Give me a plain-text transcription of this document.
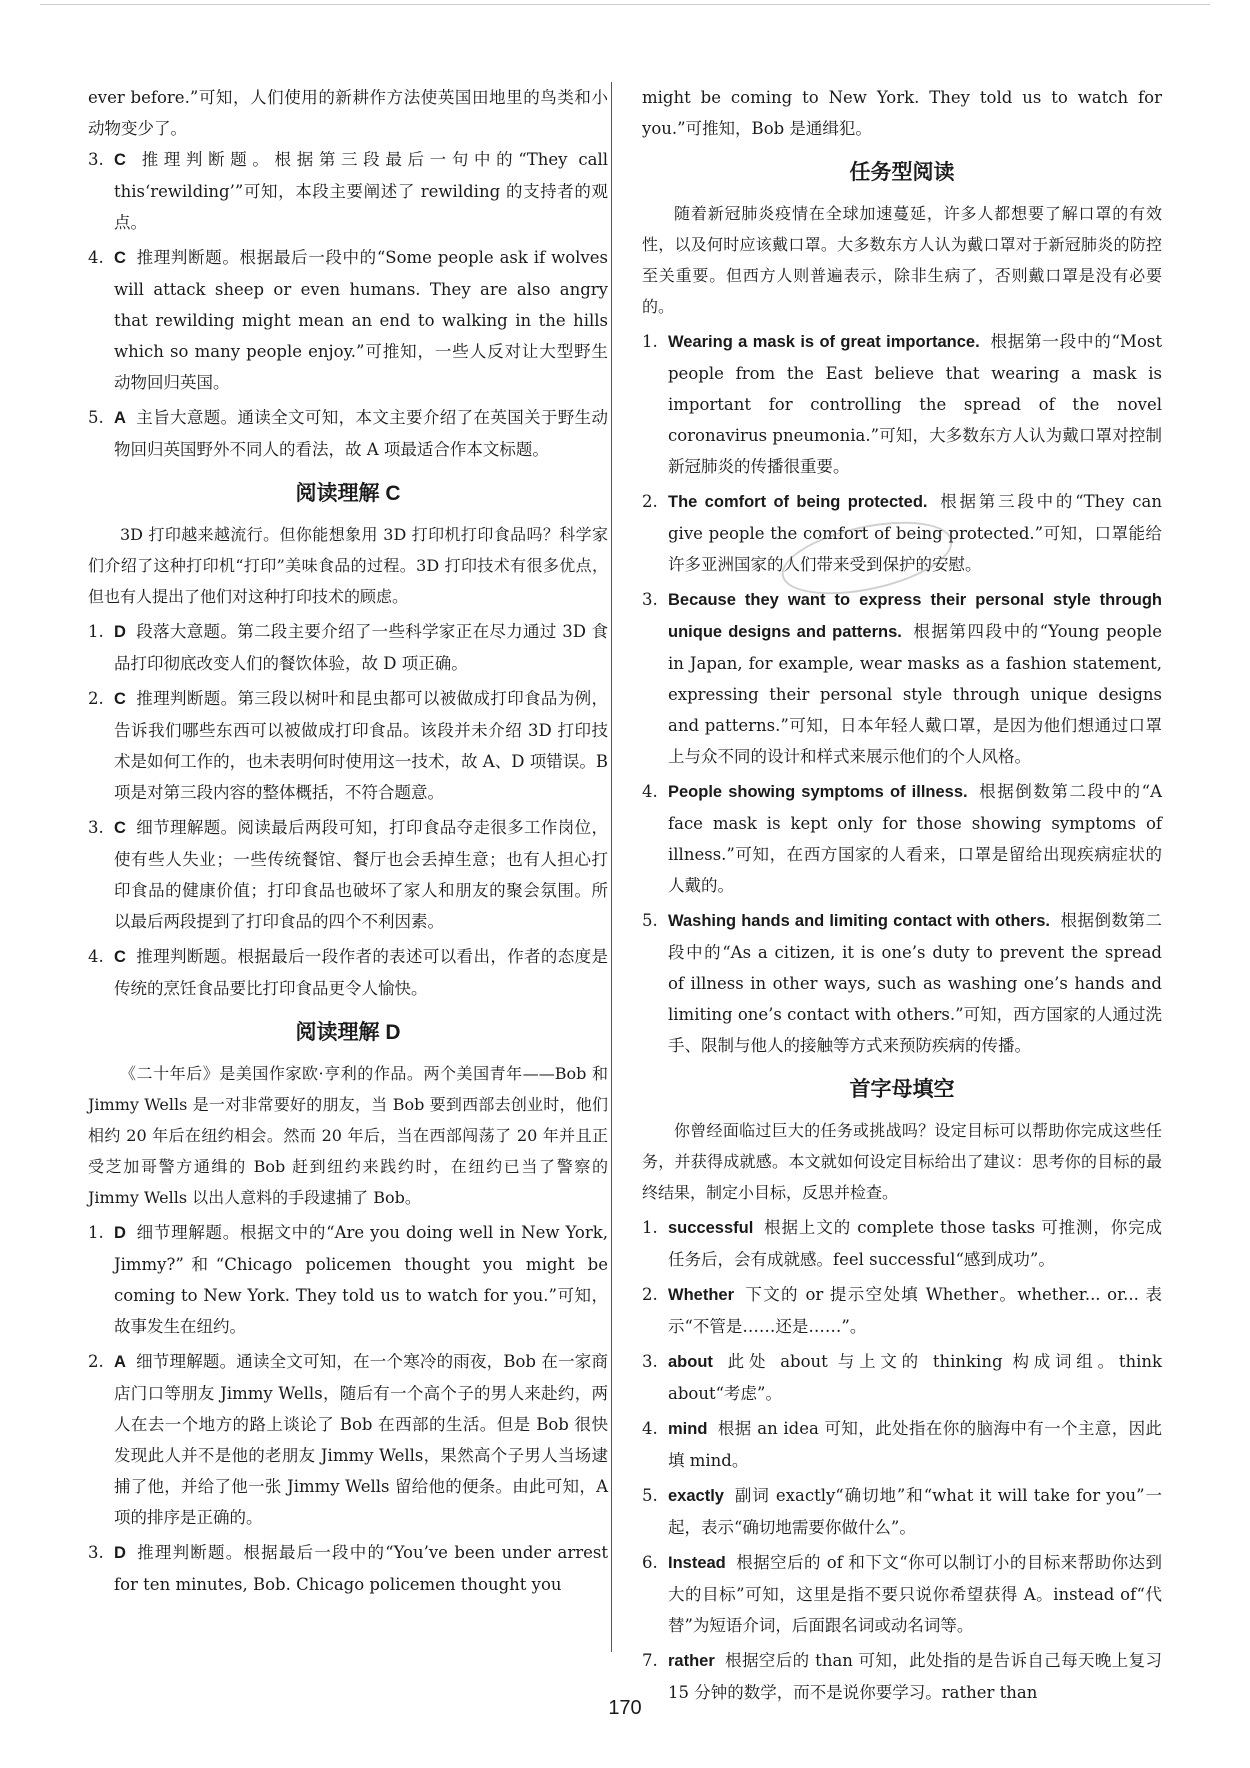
ever before.”可知，人们使用的新耕作方法使英国田地里的鸟类和小动物变少了。

3. C 推理判断题。根据第三段最后一句中的“They call this‘rewilding’”可知，本段主要阐述了 rewilding 的支持者的观点。

4. C 推理判断题。根据最后一段中的“Some people ask if wolves will attack sheep or even humans. They are also angry that rewilding might mean an end to walking in the hills which so many people enjoy.”可推知，一些人反对让大型野生动物回归英国。

5. A 主旨大意题。通读全文可知，本文主要介绍了在英国关于野生动物回归英国野外不同人的看法，故 A 项最适合作本文标题。

阅读理解 C

3D 打印越来越流行。但你能想象用 3D 打印机打印食品吗？科学家们介绍了这种打印机“打印”美味食品的过程。3D 打印技术有很多优点，但也有人提出了他们对这种打印技术的顾虑。

1. D 段落大意题。第二段主要介绍了一些科学家正在尽力通过 3D 食品打印彻底改变人们的餐饮体验，故 D 项正确。

2. C 推理判断题。第三段以树叶和昆虫都可以被做成打印食品为例，告诉我们哪些东西可以被做成打印食品。该段并未介绍 3D 打印技术是如何工作的，也未表明何时使用这一技术，故 A、D 项错误。B 项是对第三段内容的整体概括，不符合题意。

3. C 细节理解题。阅读最后两段可知，打印食品夺走很多工作岗位，使有些人失业；一些传统餐馆、餐厅也会丢掉生意；也有人担心打印食品的健康价值；打印食品也破坏了家人和朋友的聚会氛围。所以最后两段提到了打印食品的四个不利因素。

4. C 推理判断题。根据最后一段作者的表述可以看出，作者的态度是传统的烹饪食品要比打印食品更令人愉快。

阅读理解 D

《二十年后》是美国作家欧·亨利的作品。两个美国青年——Bob 和 Jimmy Wells 是一对非常要好的朋友，当 Bob 要到西部去创业时，他们相约 20 年后在纽约相会。然而 20 年后，当在西部闯荡了 20 年并且正受芝加哥警方通缉的 Bob 赶到纽约来践约时，在纽约已当了警察的 Jimmy Wells 以出人意料的手段逮捕了 Bob。

1. D 细节理解题。根据文中的“Are you doing well in New York, Jimmy?”和“Chicago policemen thought you might be coming to New York. They told us to watch for you.”可知，故事发生在纽约。

2. A 细节理解题。通读全文可知，在一个寒冷的雨夜，Bob 在一家商店门口等朋友 Jimmy Wells，随后有一个高个子的男人来赴约，两人在去一个地方的路上谈论了 Bob 在西部的生活。但是 Bob 很快发现此人并不是他的老朋友 Jimmy Wells，果然高个子男人当场逮捕了他，并给了他一张 Jimmy Wells 留给他的便条。由此可知，A 项的排序是正确的。

3. D 推理判断题。根据最后一段中的“You’ve been under arrest for ten minutes, Bob. Chicago policemen thought you

might be coming to New York. They told us to watch for you.”可推知，Bob 是通缉犯。

任务型阅读

随着新冠肺炎疫情在全球加速蔓延，许多人都想要了解口罩的有效性，以及何时应该戴口罩。大多数东方人认为戴口罩对于新冠肺炎的防控至关重要。但西方人则普遍表示，除非生病了，否则戴口罩是没有必要的。

1. Wearing a mask is of great importance. 根据第一段中的“Most people from the East believe that wearing a mask is important for controlling the spread of the novel coronavirus pneumonia.”可知，大多数东方人认为戴口罩对控制新冠肺炎的传播很重要。

2. The comfort of being protected. 根据第三段中的“They can give people the comfort of being protected.”可知，口罩能给许多亚洲国家的人们带来受到保护的安慰。

3. Because they want to express their personal style through unique designs and patterns. 根据第四段中的“Young people in Japan, for example, wear masks as a fashion statement, expressing their personal style through unique designs and patterns.”可知，日本年轻人戴口罩，是因为他们想通过口罩上与众不同的设计和样式来展示他们的个人风格。

4. People showing symptoms of illness. 根据倒数第二段中的“A face mask is kept only for those showing symptoms of illness.”可知，在西方国家的人看来，口罩是留给出现疾病症状的人戴的。

5. Washing hands and limiting contact with others. 根据倒数第二段中的“As a citizen, it is one’s duty to prevent the spread of illness in other ways, such as washing one’s hands and limiting one’s contact with others.”可知，西方国家的人通过洗手、限制与他人的接触等方式来预防疾病的传播。

首字母填空

你曾经面临过巨大的任务或挑战吗？设定目标可以帮助你完成这些任务，并获得成就感。本文就如何设定目标给出了建议：思考你的目标的最终结果，制定小目标，反思并检查。

1. successful 根据上文的 complete those tasks 可推测，你完成任务后，会有成就感。feel successful“感到成功”。

2. Whether 下文的 or 提示空处填 Whether。whether... or... 表示“不管是……还是……”。

3. about 此处 about 与上文的 thinking 构成词组。think about“考虑”。

4. mind 根据 an idea 可知，此处指在你的脑海中有一个主意，因此填 mind。

5. exactly 副词 exactly“确切地”和“what it will take for you”一起，表示“确切地需要你做什么”。

6. Instead 根据空后的 of 和下文“你可以制订小的目标来帮助你达到大的目标”可知，这里是指不要只说你希望获得 A。instead of“代替”为短语介词，后面跟名词或动名词等。

7. rather 根据空后的 than 可知，此处指的是告诉自己每天晚上复习 15 分钟的数学，而不是说你要学习。rather than

170
